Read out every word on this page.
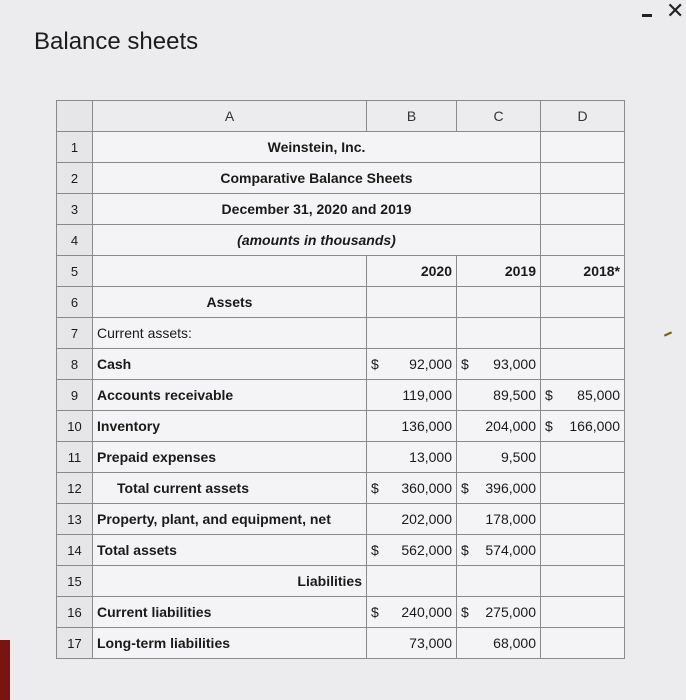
Balance sheets
✕
	A	B	C	D
1	Weinstein, Inc.			
2	Comparative Balance Sheets			
3	December 31, 2020 and 2019			
4	(amounts in thousands)			
5		2020	2019	2018*
6	Assets			
7	Current assets:			
8	Cash	$ 92,000	$ 93,000	

9	Accounts receivable	119,000	89,500	$ 85,000

10	Inventory	136,000	204,000	$ 166,000

11	Prepaid expenses	13,000	9,500	
12	Total current assets	$ 360,000	$ 396,000	

13	Property, plant, and equipment, net	202,000	178,000	
14	Total assets	$ 562,000	$ 574,000	

15	Liabilities			
16	Current liabilities	$ 240,000	$ 275,000	

17	Long-term liabilities	73,000	68,000	
